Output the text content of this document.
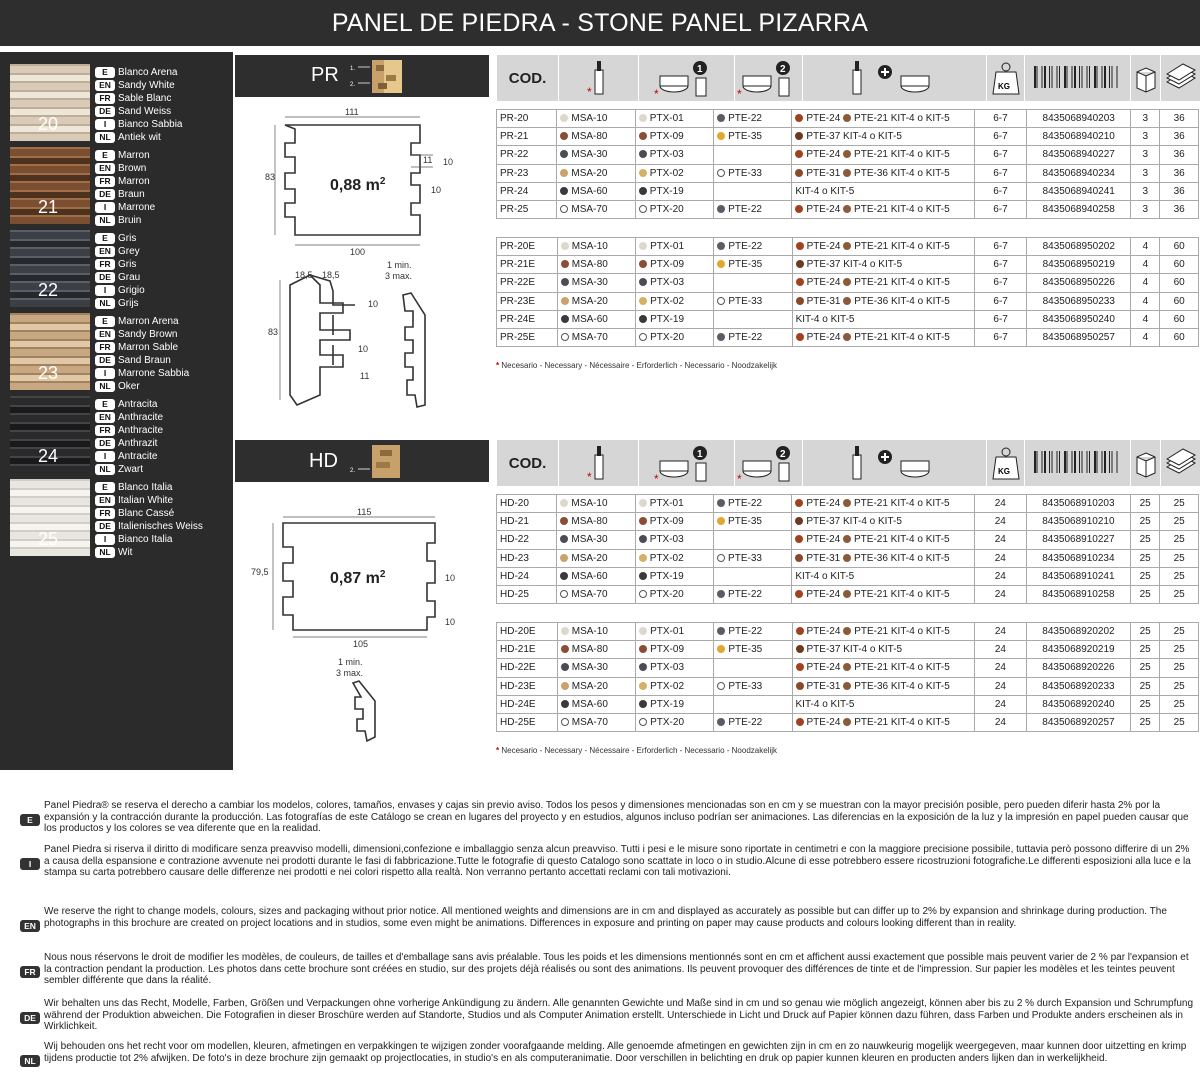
PANEL DE PIEDRA - STONE PANEL PIZARRA
20
E	Blanco Arena
EN Sandy White
FR Sable Blanc
DE Sand Weiss
I	Bianco Sabbia
NL Antiek wit
21
E	Marron
EN Brown
FR Marron
DE Braun
I	Marrone
NL Bruin
22
E	Gris
EN Grey
FR Gris
DE Grau
I	Grigio
NL Grijs
23
E	Marron Arena
EN Sandy Brown
FR Marron Sable
DE Sand Braun
I	Marrone Sabbia
NL Oker
24
E	Antracita
EN Anthracite
FR Anthracite
DE Anthrazit
I	Antracite
NL Zwart
25
E	Blanco Italia
EN Italian White
FR Blanc Cassé
DE Italienisches Weiss
I	Bianco Italia
NL Wit
PR 1.
2.
111
100
83
11 10
10
0,88 $m^2$
18,5 18,5
83
10
10
11
1 min.
3 max.
HD 2.
115
105
79,5
10
10
0,87 $m^2$
1 min.
3 max.
COD.
*
1
*
2
*
KG
COD.
*
1
*
2
*
KG
PR-20	MSA-10	PTX-01	PTE-22	PTE-24 PTE-21 KIT-4 o KIT-5	6-7	8435068940203	3	36
PR-21	MSA-80	PTX-09	PTE-35	PTE-37 KIT-4 o KIT-5	6-7	8435068940210	3	36
PR-22	MSA-30	PTX-03		PTE-24 PTE-21 KIT-4 o KIT-5	6-7	8435068940227	3	36
PR-23	MSA-20	PTX-02	PTE-33	PTE-31 PTE-36 KIT-4 o KIT-5	6-7	8435068940234	3	36
PR-24	MSA-60	PTX-19		KIT-4 o KIT-5	6-7	8435068940241	3	36
PR-25	MSA-70	PTX-20	PTE-22	PTE-24 PTE-21 KIT-4 o KIT-5	6-7	8435068940258	3	36
PR-20E	MSA-10	PTX-01	PTE-22	PTE-24 PTE-21 KIT-4 o KIT-5	6-7	8435068950202	4	60
PR-21E	MSA-80	PTX-09	PTE-35	PTE-37 KIT-4 o KIT-5	6-7	8435068950219	4	60
PR-22E	MSA-30	PTX-03		PTE-24 PTE-21 KIT-4 o KIT-5	6-7	8435068950226	4	60
PR-23E	MSA-20	PTX-02	PTE-33	PTE-31 PTE-36 KIT-4 o KIT-5	6-7	8435068950233	4	60
PR-24E	MSA-60	PTX-19		KIT-4 o KIT-5	6-7	8435068950240	4	60
PR-25E	MSA-70	PTX-20	PTE-22	PTE-24 PTE-21 KIT-4 o KIT-5	6-7	8435068950257	4	60
* Necesario - Necessary - Nécessaire - Erforderlich - Necessario - Noodzakelijk
HD-20	MSA-10	PTX-01	PTE-22	PTE-24 PTE-21 KIT-4 o KIT-5	24	8435068910203	25	25
HD-21	MSA-80	PTX-09	PTE-35	PTE-37 KIT-4 o KIT-5	24	8435068910210	25	25
HD-22	MSA-30	PTX-03		PTE-24 PTE-21 KIT-4 o KIT-5	24	8435068910227	25	25
HD-23	MSA-20	PTX-02	PTE-33	PTE-31 PTE-36 KIT-4 o KIT-5	24	8435068910234	25	25
HD-24	MSA-60	PTX-19		KIT-4 o KIT-5	24	8435068910241	25	25
HD-25	MSA-70	PTX-20	PTE-22	PTE-24 PTE-21 KIT-4 o KIT-5	24	8435068910258	25	25
HD-20E	MSA-10	PTX-01	PTE-22	PTE-24 PTE-21 KIT-4 o KIT-5	24	8435068920202	25	25
HD-21E	MSA-80	PTX-09	PTE-35	PTE-37 KIT-4 o KIT-5	24	8435068920219	25	25
HD-22E	MSA-30	PTX-03		PTE-24 PTE-21 KIT-4 o KIT-5	24	8435068920226	25	25
HD-23E	MSA-20	PTX-02	PTE-33	PTE-31 PTE-36 KIT-4 o KIT-5	24	8435068920233	25	25
HD-24E	MSA-60	PTX-19		KIT-4 o KIT-5	24	8435068920240	25	25
HD-25E	MSA-70	PTX-20	PTE-22	PTE-24 PTE-21 KIT-4 o KIT-5	24	8435068920257	25	25
* Necesario - Necessary - Nécessaire - Erforderlich - Necessario - Noodzakelijk
E
Panel Piedra® se reserva el derecho a cambiar los modelos, colores, tamaños, envases y cajas sin previo aviso. Todos los pesos y dimensiones mencionadas son en cm y se muestran con la mayor precisión posible, pero pueden diferir hasta 2% por la expansión y la contracción durante la producción. Las fotografías de este Catálogo se crean en lugares del proyecto y en estudios, algunos incluso podrían ser animaciones. Las diferencias en la exposición de la luz y la impresión en papel pueden causar que los productos y los colores se vea diferente que en la realidad.
I
Panel Piedra si riserva il diritto di modificare senza preavviso modelli, dimensioni,confezione e imballaggio senza alcun preavviso. Tutti i pesi e le misure sono riportate in centimetri e con la maggiore precisione possibile, tuttavia però possono differire di un 2% a causa della espansione e contrazione avvenute nei prodotti durante le fasi di fabbricazione.Tutte le fotografie di questo Catalogo sono scattate in loco o in studio.Alcune di esse potrebbero essere ricostruzioni fotografiche.Le differenti esposizioni alla luce e la stampa su carta potrebbero causare delle differenze nei prodotti e nei colori rispetto alla realtà. Non verranno pertanto accettati reclami con tali motivazioni.
EN
We reserve the right to change models, colours, sizes and packaging without prior notice. All mentioned weights and dimensions are in cm and displayed as accurately as possible but can differ up to 2% by expansion and shrinkage during production. The photographs in this brochure are created on project locations and in studios, some even might be animations. Differences in exposure and printing on paper may cause products and colours looking different than in reality.
FR
Nous nous réservons le droit de modifier les modèles, de couleurs, de tailles et d'emballage sans avis préalable. Tous les poids et les dimensions mentionnés sont en cm et affichent aussi exactement que possible mais peuvent varier de 2 % par l'expansion et la contraction pendant la production. Les photos dans cette brochure sont créées en studio, sur des projets déjà réalisés ou sont des animations. Ils peuvent provoquer des différences de tinte et de l'impression. Sur papier les modèles et les teintes peuvent sembler différente que dans la réalité.
DE
Wir behalten uns das Recht, Modelle, Farben, Größen und Verpackungen ohne vorherige Ankündigung zu ändern. Alle genannten Gewichte und Maße sind in cm und so genau wie möglich angezeigt, können aber bis zu 2 % durch Expansion und Schrumpfung während der Produktion abweichen. Die Fotografien in dieser Broschüre werden auf Standorte, Studios und als Computer Animation erstellt. Unterschiede in Licht und Druck auf Papier können dazu führen, dass Farben und Produkte anders erscheinen als in Wirklichkeit.
NL
Wij behouden ons het recht voor om modellen, kleuren, afmetingen en verpakkingen te wijzigen zonder voorafgaande melding. Alle genoemde afmetingen en gewichten zijn in cm en zo nauwkeurig mogelijk weergegeven, maar kunnen door uitzetting en krimp tijdens productie tot 2% afwijken. De foto's in deze brochure zijn gemaakt op projectlocaties, in studio's en als computeranimatie. Door verschillen in belichting en druk op papier kunnen kleuren en producten anders lijken dan in werkelijkheid.
